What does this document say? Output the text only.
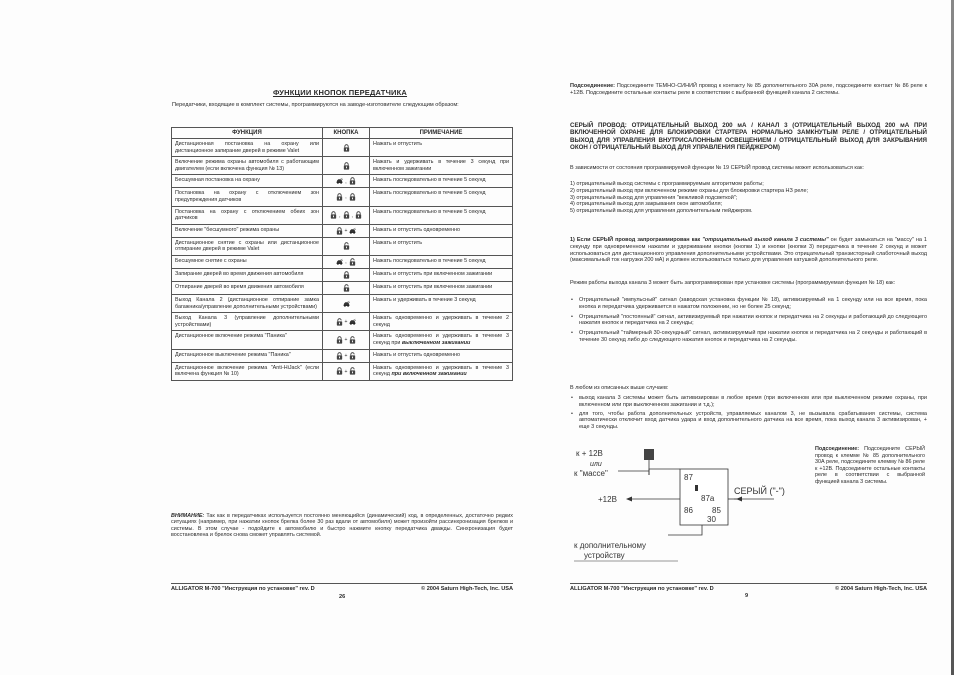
ФУНКЦИИ КНОПОК ПЕРЕДАТЧИКА
Передатчики, входящие в комплект системы, программируются на заводе-изготовителе следующим образом:
ФУНКЦИЯ	КНОПКА	ПРИМЕЧАНИЕ
Дистанционная постановка на охрану или дистанционное запирание дверей в режиме Valet		Нажать и отпустить
Включение режима охраны автомобиля с работающим двигателем (если включена функция № 13)		Нажать и удерживать в течение 3 секунд при включенном зажигании
Бесшумная постановка на охрану	,	Нажать последовательно в течение 5 секунд
Постановка на охрану с отключением зон предупреждения датчиков	,	Нажать последовательно в течение 5 секунд
Постановка на охрану с отключением обеих зон датчиков	, ,	Нажать последовательно в течение 5 секунд
Включение "бесшумного" режима охраны	+	Нажать и отпустить одновременно
Дистанционное снятие с охраны или дистанционное отпирание дверей в режиме Valet		Нажать и отпустить
Бесшумное снятие с охраны	,	Нажать последовательно в течение 5 секунд
Запирание дверей во время движения автомобиля		Нажать и отпустить при включенном зажигании
Отпирание дверей во время движения автомобиля		Нажать и отпустить при включенном зажигании
Выход Канала 2 (дистанционное отпирание замка багажника/управление дополнительными устройствами)		Нажать и удерживать в течение 3 секунд
Выход Канала 3 (управление дополнительными устройствами)	+	Нажать одновременно и удерживать в течение 2 секунд
Дистанционное включение режима "Паника"	+	Нажать одновременно и удерживать в течение 3 секунд при выключенном зажигании
Дистанционное выключение режима "Паника"	+	Нажать и отпустить одновременно
Дистанционное включение режима "Anti-HiJack" (если включена функция № 10)	+	Нажать одновременно и удерживать в течение 3 секунд при включенном зажигании
ВНИМАНИЕ: Так как в передатчиках используется постоянно меняющийся (динамический) код, в определенных, достаточно редких ситуациях (например, при нажатии кнопок брелка более 30 раз вдали от автомобиля) может произойти рассинхронизация брелков и системы. В этом случае - подойдите к автомобилю и быстро нажмите кнопку передатчика дважды. Синхронизация будет восстановлена и брелок снова сможет управлять системой.
ALLIGATOR M-700 "Инструкция по установке" rev. D	© 2004 Saturn High-Tech, Inc. USA
26
Подсоединение: Подсоедините ТЕМНО-СИНИЙ провод к контакту № 85 дополнительного 30А реле, подсоедините контакт № 86 реле к +12В. Подсоедините остальные контакты реле в соответствии с выбранной функцией канала 2 системы.
СЕРЫЙ ПРОВОД: ОТРИЦАТЕЛЬНЫЙ ВЫХОД 200 мА / КАНАЛ 3 (ОТРИЦАТЕЛЬНЫЙ ВЫХОД 200 мА ПРИ ВКЛЮЧЕННОЙ ОХРАНЕ ДЛЯ БЛОКИРОВКИ СТАРТЕРА НОРМАЛЬНО ЗАМКНУТЫМ РЕЛЕ / ОТРИЦАТЕЛЬНЫЙ ВЫХОД ДЛЯ УПРАВЛЕНИЯ ВНУТРИСАЛОННЫМ ОСВЕЩЕНИЕМ / ОТРИЦАТЕЛЬНЫЙ ВЫХОД ДЛЯ ЗАКРЫВАНИЯ ОКОН / ОТРИЦАТЕЛЬНЫЙ ВЫХОД ДЛЯ УПРАВЛЕНИЯ ПЕЙДЖЕРОМ)
В зависимости от состояния программируемой функции № 19 СЕРЫЙ провод системы может использоваться как:
1) отрицательный выход системы с программируемым алгоритмом работы;
2) отрицательный выход при включенном режиме охраны для блокировки стартера НЗ реле;
3) отрицательный выход для управления "вежливой подсветкой";
4) отрицательный выход для закрывания окон автомобиля;
5) отрицательный выход для управления дополнительным пейджером.
1) Если СЕРЫЙ провод запрограммирован как "отрицательный выход канала 3 системы" он будет замыкаться на "массу" на 1 секунду при одновременном нажатии и удерживании кнопки (кнопки 1) и кнопки (кнопки 3) передатчика в течение 2 секунд и может использоваться для дистанционного управления дополнительными устройствами. Это отрицательный транзисторный слаботочный выход (максимальный ток нагрузки 200 мА) и должен использоваться только для управления катушкой дополнительного реле.
Режим работы выхода канала 3 может быть запрограммирован при установке системы (программируемая функция № 18) как:
• Отрицательный "импульсный" сигнал (заводская установка функции № 18), активизируемый на 1 секунду или на все время, пока кнопка и передатчика удерживается в нажатом положении, но не более 25 секунд;
• Отрицательный "постоянный" сигнал, активизируемый при нажатии кнопок и передатчика на 2 секунды и работающий до следующего нажатия кнопок и передатчика на 2 секунды;
• Отрицательный "таймерный 30-секундный" сигнал, активизируемый при нажатии кнопок и передатчика на 2 секунды и работающий в течение 30 секунд либо до следующего нажатия кнопок и передатчика на 2 секунды.
В любом из описанных выше случаев:
• выход канала 3 системы может быть активизирован в любое время (при включенном или при выключенном режиме охраны, при включенном или при выключенном зажигании и т.д.);
• для того, чтобы работа дополнительных устройств, управляемых каналом 3, не вызывала срабатывания системы, система автоматически отключит вход датчика удара и вход дополнительного датчика на все время, пока выход канала 3 активизирован, + еще 3 секунды.
к + 12В
или
к "массе"	87
87а
86 85
30
+12В
СЕРЫЙ ("-")
к дополнительному
устройству
Подсоединение: Подсоедините СЕРЫЙ провод к клемме № 85 дополнительного 30А реле, подсоедините клемму № 86 реле к +12В. Подсоедините остальные контакты реле в соответствии с выбранной функцией канала 3 системы.
ALLIGATOR M-700 "Инструкция по установке" rev. D	© 2004 Saturn High-Tech, Inc. USA
9
